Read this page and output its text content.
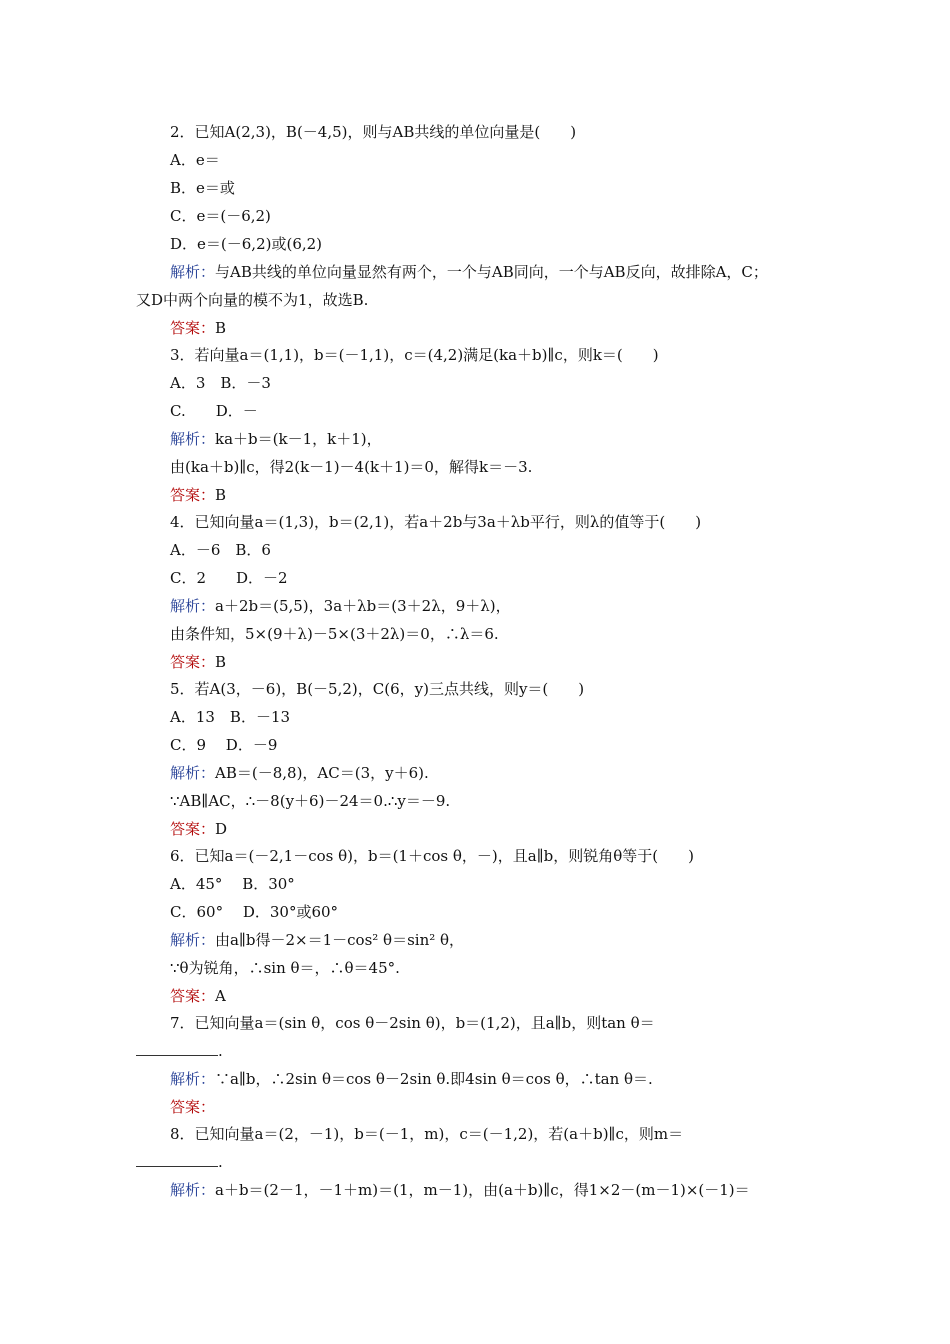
2．已知A(2,3)，B(－4,5)，则与AB共线的单位向量是(　　)
A．e＝
B．e＝或
C．e＝(－6,2)
D．e＝(－6,2)或(6,2)
解析：与AB共线的单位向量显然有两个，一个与AB同向，一个与AB反向，故排除A，C；
又D中两个向量的模不为1，故选B.
答案：B
3．若向量a＝(1,1)，b＝(－1,1)，c＝(4,2)满足(ka＋b)∥c，则k＝(　　)
A．3　B．－3
C.　　D．－
解析：ka＋b＝(k－1，k＋1)，
由(ka＋b)∥c，得2(k－1)－4(k＋1)＝0，解得k＝－3.
答案：B
4．已知向量a＝(1,3)，b＝(2,1)，若a＋2b与3a＋λb平行，则λ的值等于(　　)
A．－6　B．6
C．2　　D．－2
解析：a＋2b＝(5,5)，3a＋λb＝(3＋2λ，9＋λ)，
由条件知，5×(9＋λ)－5×(3＋2λ)＝0，∴λ＝6.
答案：B
5．若A(3，－6)，B(－5,2)，C(6，y)三点共线，则y＝(　　)
A．13　B．－13
C．9　 D．－9
解析：AB＝(－8,8)，AC＝(3，y＋6).
∵AB∥AC，∴－8(y＋6)－24＝0.∴y＝－9.
答案：D
6．已知a＝(－2,1－cos θ)，b＝(1＋cos θ，－)，且a∥b，则锐角θ等于(　　)
A．45°　 B．30°
C．60°　 D．30°或60°
解析：由a∥b得－2×＝1－cos² θ＝sin² θ，
∵θ为锐角，∴sin θ＝，∴θ＝45°.
答案：A
7．已知向量a＝(sin θ，cos θ－2sin θ)，b＝(1,2)，且a∥b，则tan θ＝
.
解析：∵a∥b，∴2sin θ＝cos θ－2sin θ.即4sin θ＝cos θ，∴tan θ＝.
答案：
8．已知向量a＝(2，－1)，b＝(－1，m)，c＝(－1,2)，若(a＋b)∥c，则m＝
.
解析：a＋b＝(2－1，－1＋m)＝(1，m－1)，由(a＋b)∥c，得1×2－(m－1)×(－1)＝
